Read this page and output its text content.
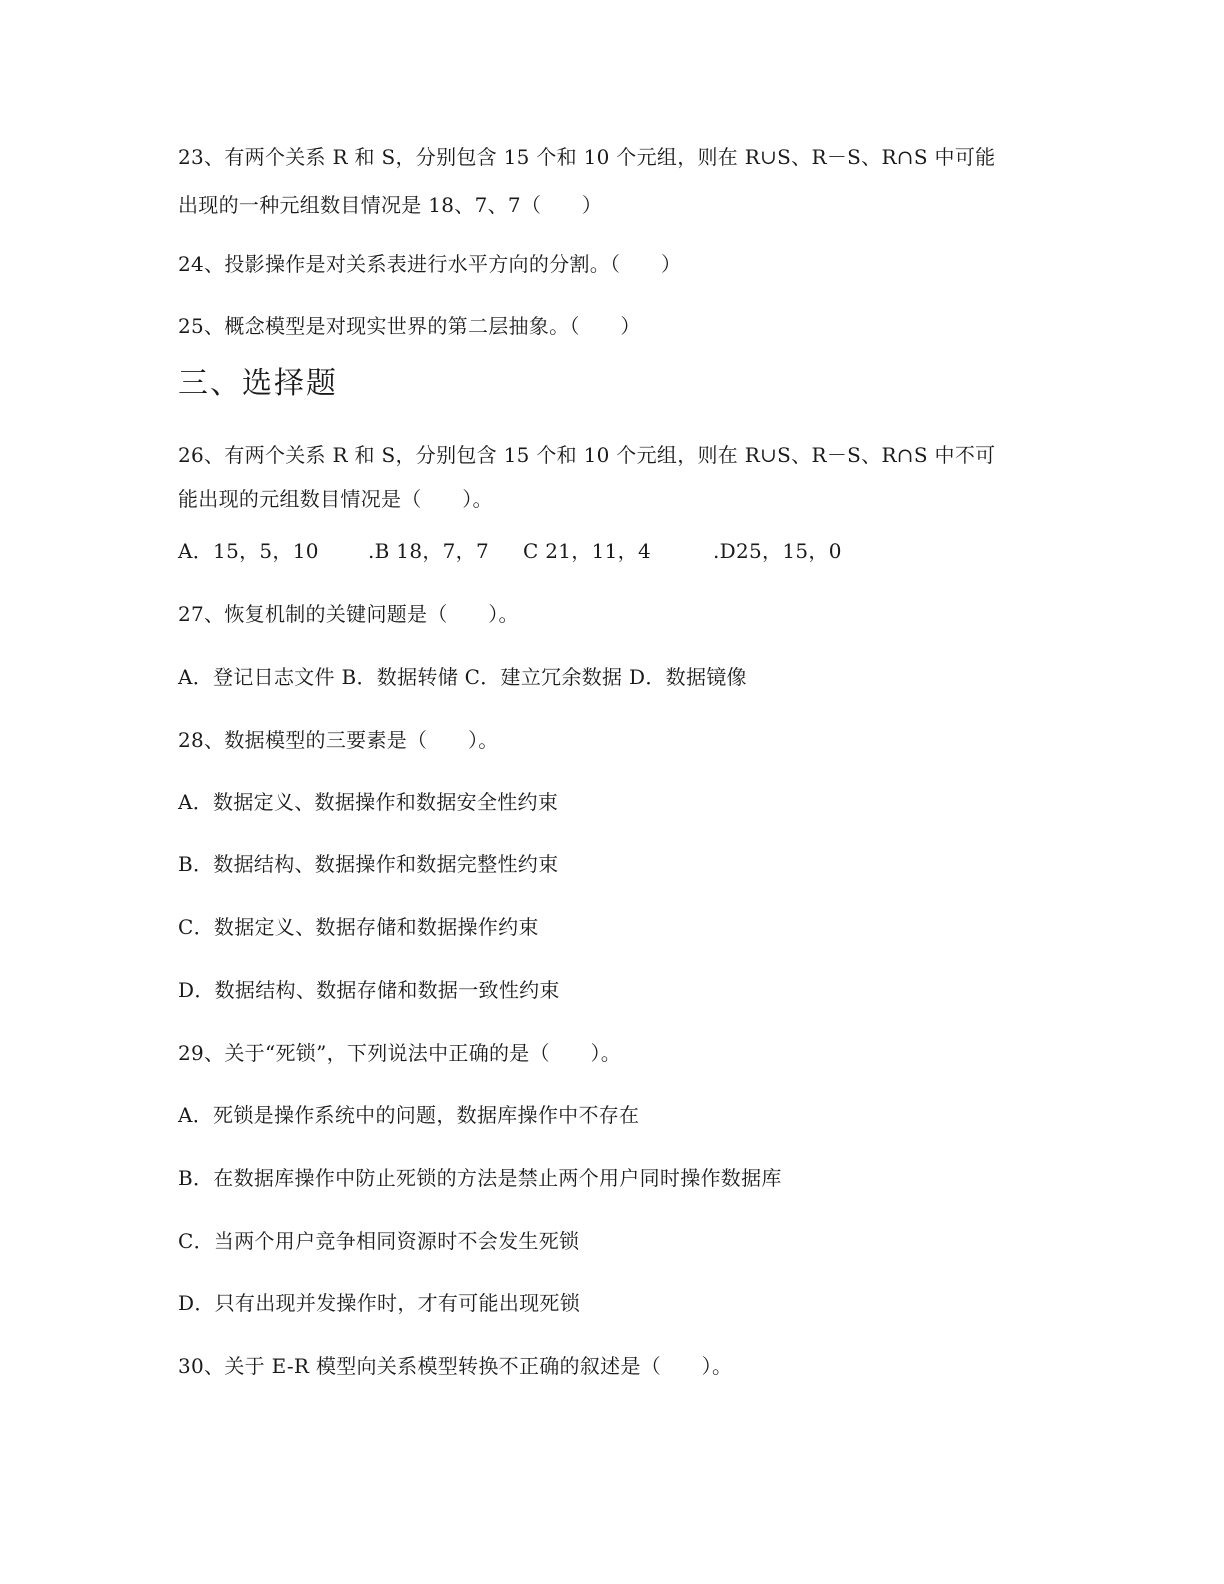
23、有两个关系 R 和 S，分别包含 15 个和 10 个元组，则在 R∪S、R－S、R∩S 中可能
出现的一种元组数目情况是 18、7、7（　　）
24、投影操作是对关系表进行水平方向的分割。（　　）
25、概念模型是对现实世界的第二层抽象。（　　）
三、选择题
26、有两个关系 R 和 S，分别包含 15 个和 10 个元组，则在 R∪S、R－S、R∩S 中不可
能出现的元组数目情况是（　　）。
A．15，5，10 .B 18，7，7 C 21，11，4	.D25，15，0
27、恢复机制的关键问题是（　　）。
A．登记日志文件 B．数据转储 C．建立冗余数据 D．数据镜像
28、数据模型的三要素是（　　）。
A．数据定义、数据操作和数据安全性约束
B．数据结构、数据操作和数据完整性约束
C．数据定义、数据存储和数据操作约束
D．数据结构、数据存储和数据一致性约束
29、关于“死锁”，下列说法中正确的是（　　）。
A．死锁是操作系统中的问题，数据库操作中不存在
B．在数据库操作中防止死锁的方法是禁止两个用户同时操作数据库
C．当两个用户竞争相同资源时不会发生死锁
D．只有出现并发操作时，才有可能出现死锁
30、关于 E-R 模型向关系模型转换不正确的叙述是（　　）。
